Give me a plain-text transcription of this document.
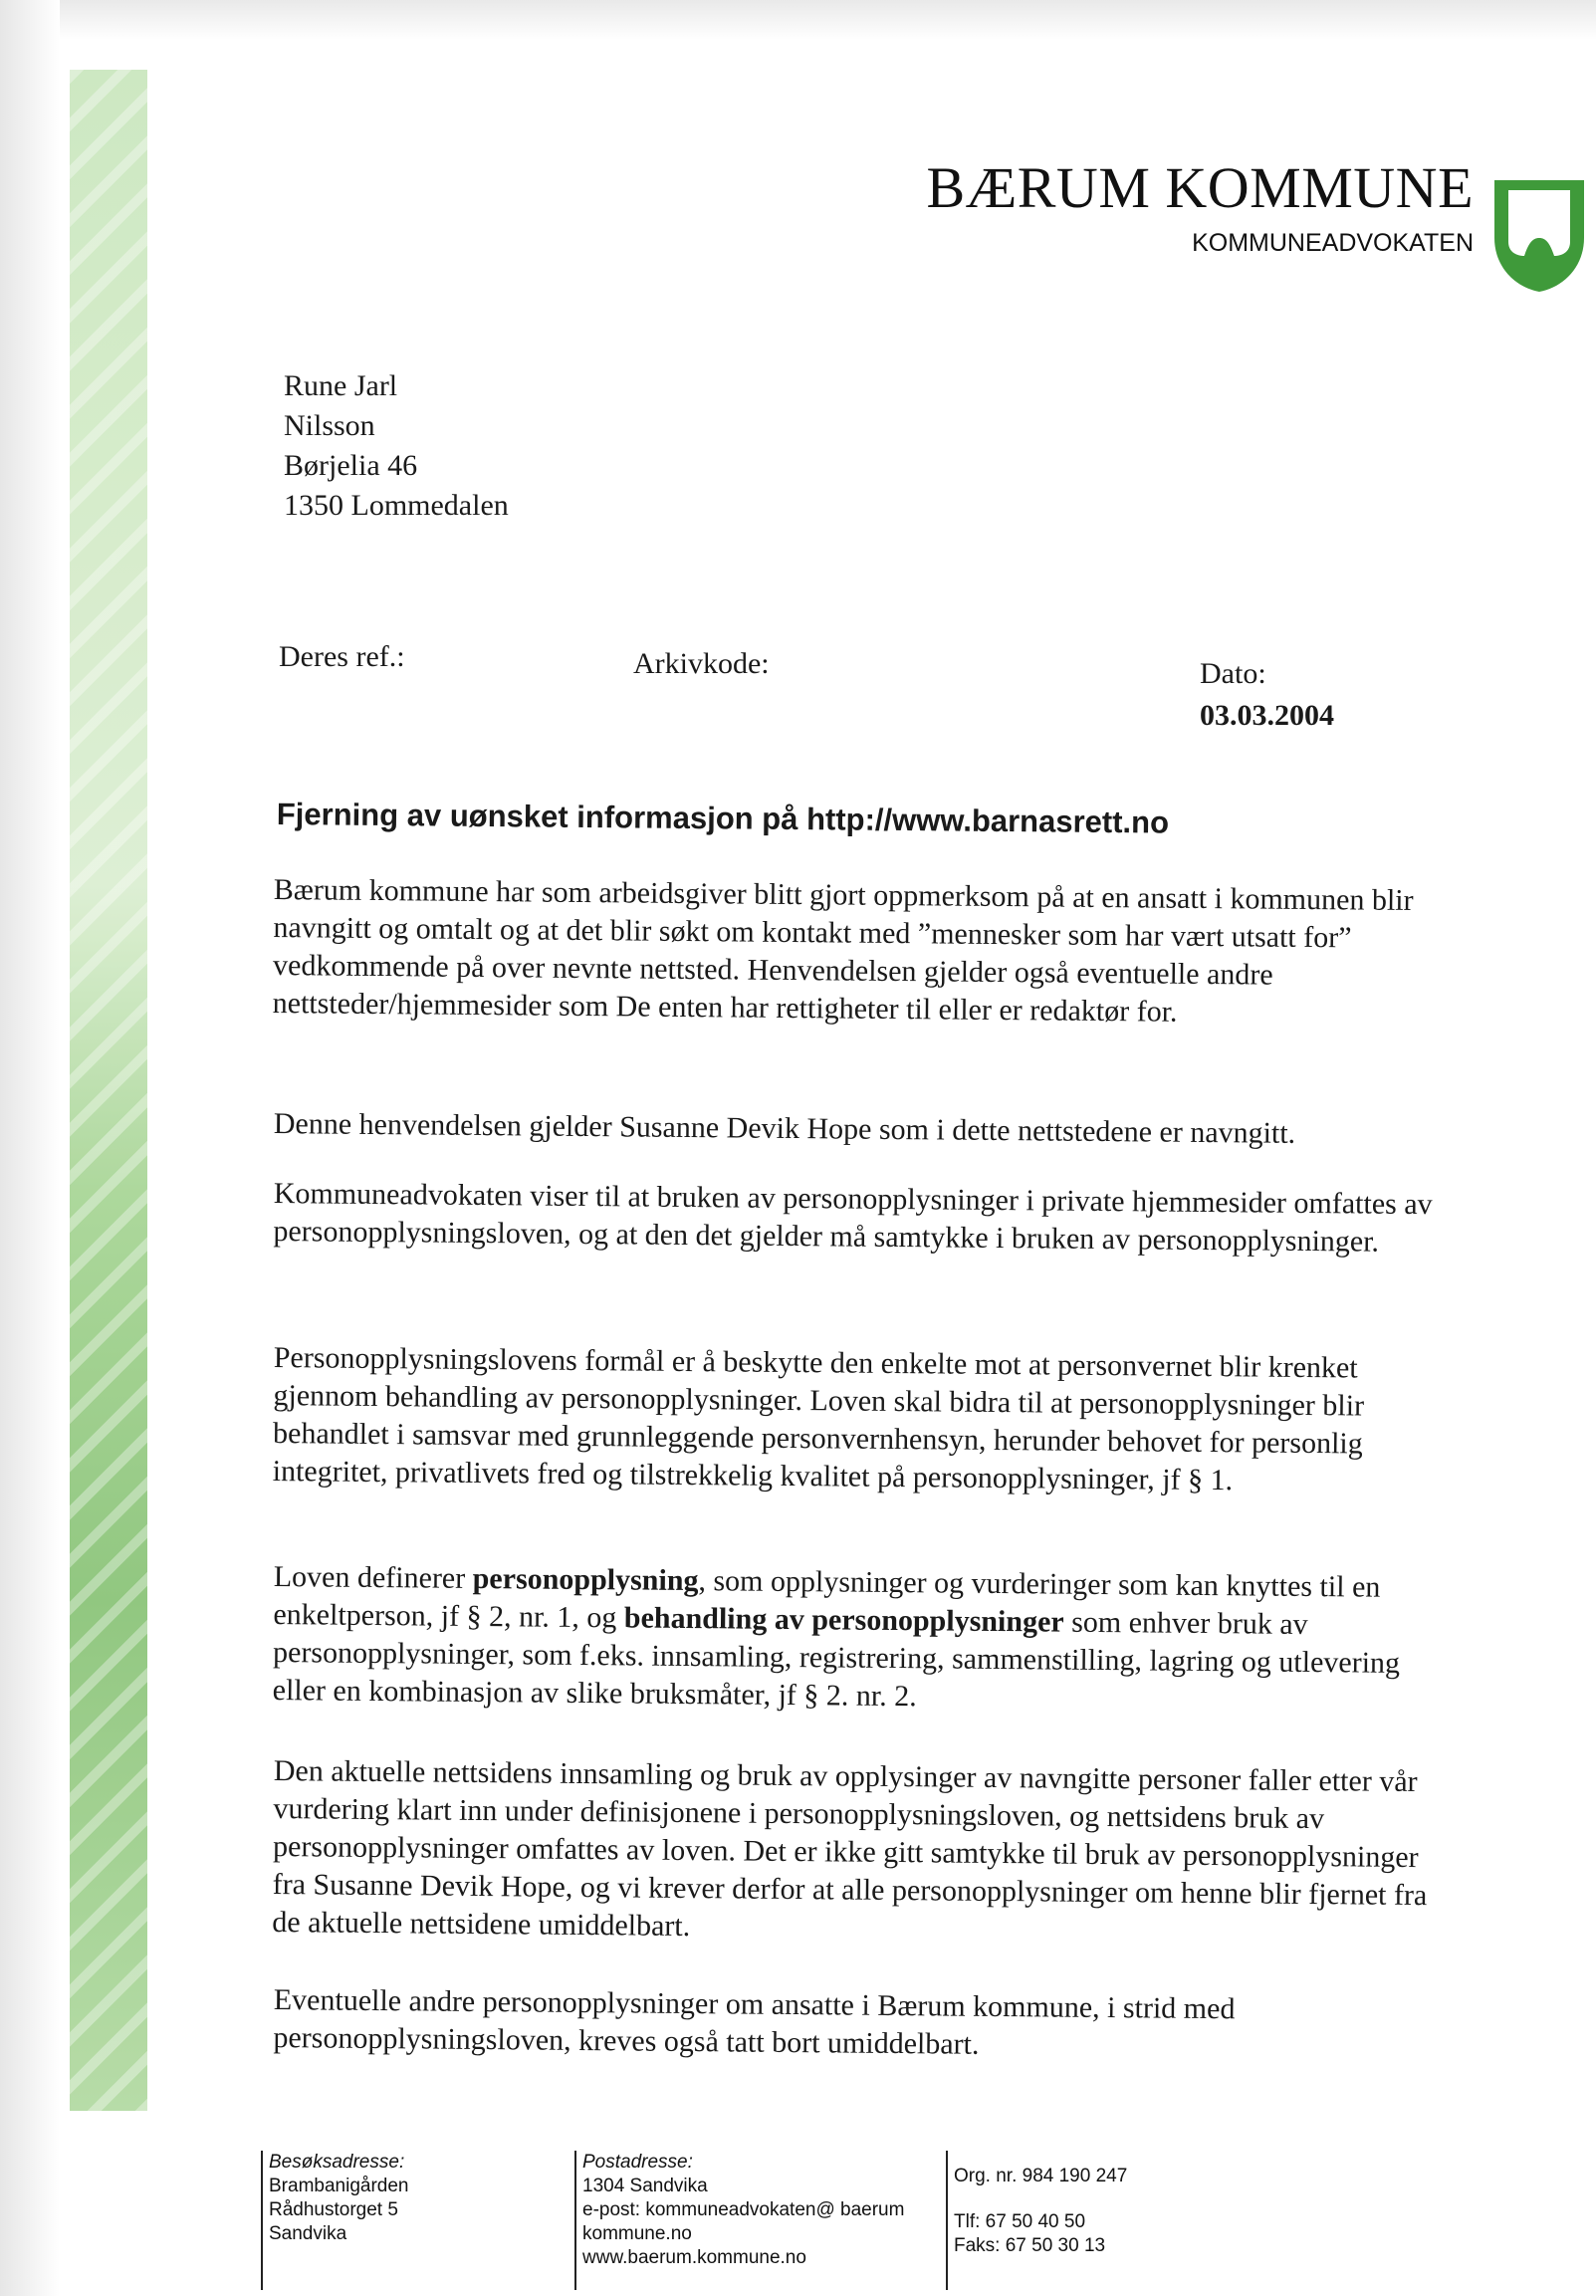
BÆRUM KOMMUNE
KOMMUNEADVOKATEN
Rune Jarl
Nilsson
Børjelia 46
1350 Lommedalen
Deres ref.:	Arkivkode:	Dato:
03.03.2004
Fjerning av uønsket informasjon på http://www.barnasrett.no
Bærum kommune har som arbeidsgiver blitt gjort oppmerksom på at en ansatt i kommunen blir navngitt og omtalt og at det blir søkt om kontakt med ”mennesker som har vært utsatt for” vedkommende på over nevnte nettsted. Henvendelsen gjelder også eventuelle andre nettsteder/hjemmesider som De enten har rettigheter til eller er redaktør for.
Denne henvendelsen gjelder Susanne Devik Hope som i dette nettstedene er navngitt.
Kommuneadvokaten viser til at bruken av personopplysninger i private hjemmesider omfattes av personopplysningsloven, og at den det gjelder må samtykke i bruken av personopplysninger.
Personopplysningslovens formål er å beskytte den enkelte mot at personvernet blir krenket gjennom behandling av personopplysninger. Loven skal bidra til at personopplysninger blir behandlet i samsvar med grunnleggende personvernhensyn, herunder behovet for personlig integritet, privatlivets fred og tilstrekkelig kvalitet på personopplysninger, jf § 1.
Loven definerer personopplysning, som opplysninger og vurderinger som kan knyttes til en enkeltperson, jf § 2, nr. 1, og behandling av personopplysninger som enhver bruk av personopplysninger, som f.eks. innsamling, registrering, sammenstilling, lagring og utlevering eller en kombinasjon av slike bruksmåter, jf § 2. nr. 2.
Den aktuelle nettsidens innsamling og bruk av opplysinger av navngitte personer faller etter vår vurdering klart inn under definisjonene i personopplysningsloven, og nettsidens bruk av personopplysninger omfattes av loven. Det er ikke gitt samtykke til bruk av personopplysninger fra Susanne Devik Hope, og vi krever derfor at alle personopplysninger om henne blir fjernet fra de aktuelle nettsidene umiddelbart.
Eventuelle andre personopplysninger om ansatte i Bærum kommune, i strid med personopplysningsloven, kreves også tatt bort umiddelbart.
Besøksadresse:
Brambanigården
Rådhustorget 5
Sandvika
Postadresse:
1304 Sandvika
e-post: kommuneadvokaten@ baerum
kommune.no
www.baerum.kommune.no
Org. nr. 984 190 247
Tlf: 67 50 40 50
Faks: 67 50 30 13
